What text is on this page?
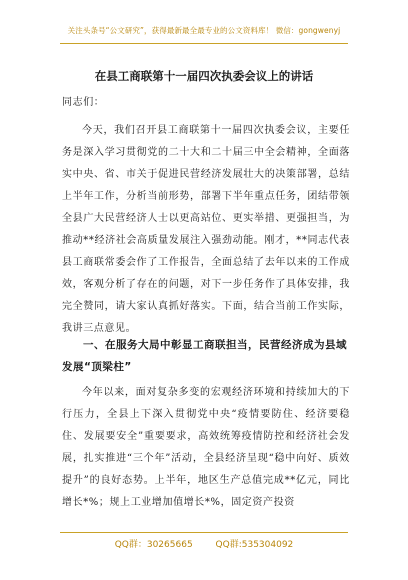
关注头条号“公文研究”，获得最新最全最专业的公文资料库！ 微信：gongwenyj
在县工商联第十一届四次执委会议上的讲话
同志们：
今天，我们召开县工商联第十一届四次执委会议，主要任务是深入学习贯彻党的二十大和二十届三中全会精神，全面落实中央、省、市关于促进民营经济发展壮大的决策部署，总结上半年工作，分析当前形势，部署下半年重点任务，团结带领全县广大民营经济人士以更高站位、更实举措、更强担当，为推动**经济社会高质量发展注入强劲动能。刚才，**同志代表县工商联常委会作了工作报告，全面总结了去年以来的工作成效，客观分析了存在的问题，对下一步任务作了具体安排，我完全赞同，请大家认真抓好落实。下面，结合当前工作实际，我讲三点意见。
一、在服务大局中彰显工商联担当，民营经济成为县域发展“顶梁柱”
今年以来，面对复杂多变的宏观经济环境和持续加大的下行压力，全县上下深入贯彻党中央“疫情要防住、经济要稳住、发展要安全”重要要求，高效统筹疫情防控和经济社会发展，扎实推进“三个年”活动，全县经济呈现“稳中向好、质效提升”的良好态势。上半年，地区生产总值完成**亿元，同比增长*%；规上工业增加值增长*%，固定资产投资
QQ群：30265665	QQ群:535304092
